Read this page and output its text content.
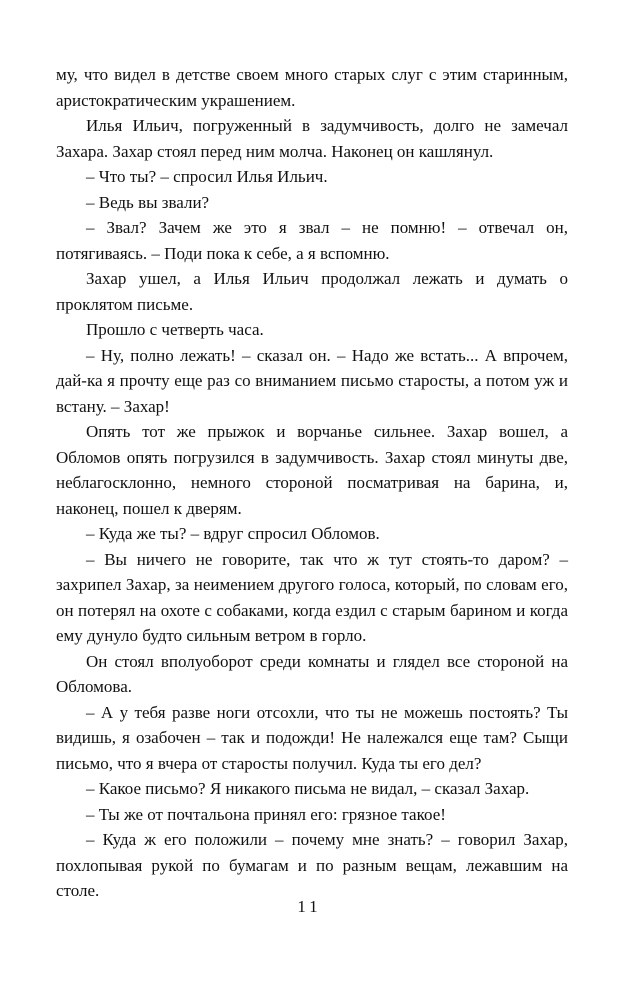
му, что видел в детстве своем много старых слуг с этим старинным, аристократическим украшением.

Илья Ильич, погруженный в задумчивость, долго не замечал Захара. Захар стоял перед ним молча. Наконец он кашлянул.

– Что ты? – спросил Илья Ильич.

– Ведь вы звали?

– Звал? Зачем же это я звал – не помню! – отвечал он, потягиваясь. – Поди пока к себе, а я вспомню.

Захар ушел, а Илья Ильич продолжал лежать и думать о проклятом письме.

Прошло с четверть часа.

– Ну, полно лежать! – сказал он. – Надо же встать... А впрочем, дай-ка я прочту еще раз со вниманием письмо старосты, а потом уж и встану. – Захар!

Опять тот же прыжок и ворчанье сильнее. Захар вошел, а Обломов опять погрузился в задумчивость. Захар стоял минуты две, неблагосклонно, немного стороной посматривая на барина, и, наконец, пошел к дверям.

– Куда же ты? – вдруг спросил Обломов.

– Вы ничего не говорите, так что ж тут стоять-то даром? – захрипел Захар, за неимением другого голоса, который, по словам его, он потерял на охоте с собаками, когда ездил с старым барином и когда ему дунуло будто сильным ветром в горло.

Он стоял вполуоборот среди комнаты и глядел все стороной на Обломова.

– А у тебя разве ноги отсохли, что ты не можешь постоять? Ты видишь, я озабочен – так и подожди! Не належался еще там? Сыщи письмо, что я вчера от старосты получил. Куда ты его дел?

– Какое письмо? Я никакого письма не видал, – сказал Захар.

– Ты же от почтальона принял его: грязное такое!

– Куда ж его положили – почему мне знать? – говорил Захар, похлопывая рукой по бумагам и по разным вещам, лежавшим на столе.

11
